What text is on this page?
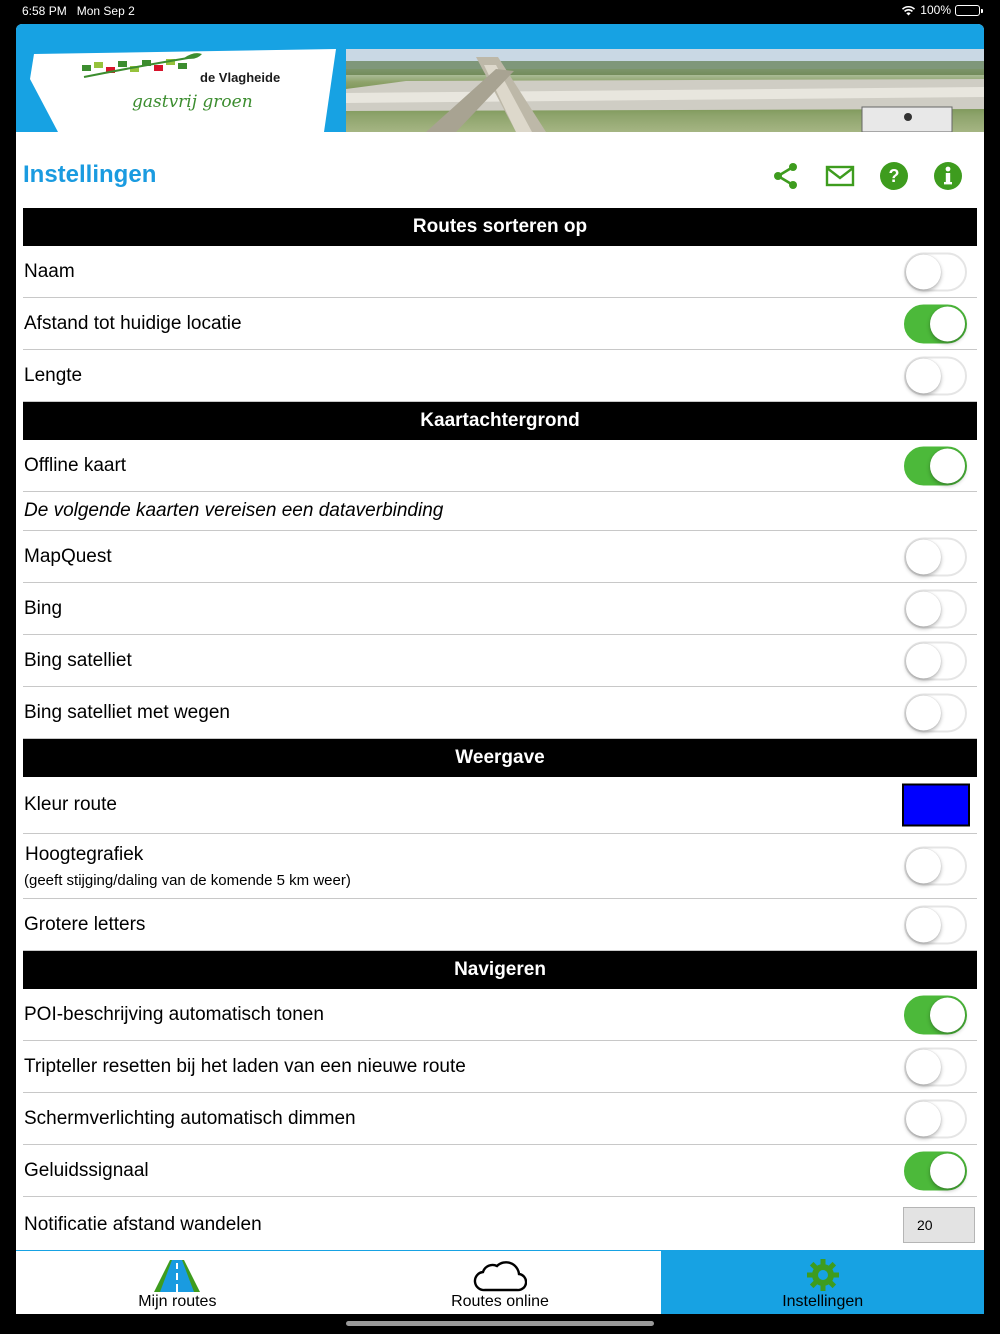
6:58 PM Mon Sep 2	100%
de Vlagheide
gastvrij groen
Instellingen	?
Routes sorteren op
Naam
Afstand tot huidige locatie
Lengte
Kaartachtergrond
Offline kaart
De volgende kaarten vereisen een dataverbinding
MapQuest
Bing
Bing satelliet
Bing satelliet met wegen
Weergave
Kleur route
Hoogtegrafiek
(geeft stijging/daling van de komende 5 km weer)
Grotere letters
Navigeren
POI-beschrijving automatisch tonen
Tripteller resetten bij het laden van een nieuwe route
Schermverlichting automatisch dimmen
Geluidssignaal
Notificatie afstand wandelen	20
Mijn routes	Routes online	Instellingen
